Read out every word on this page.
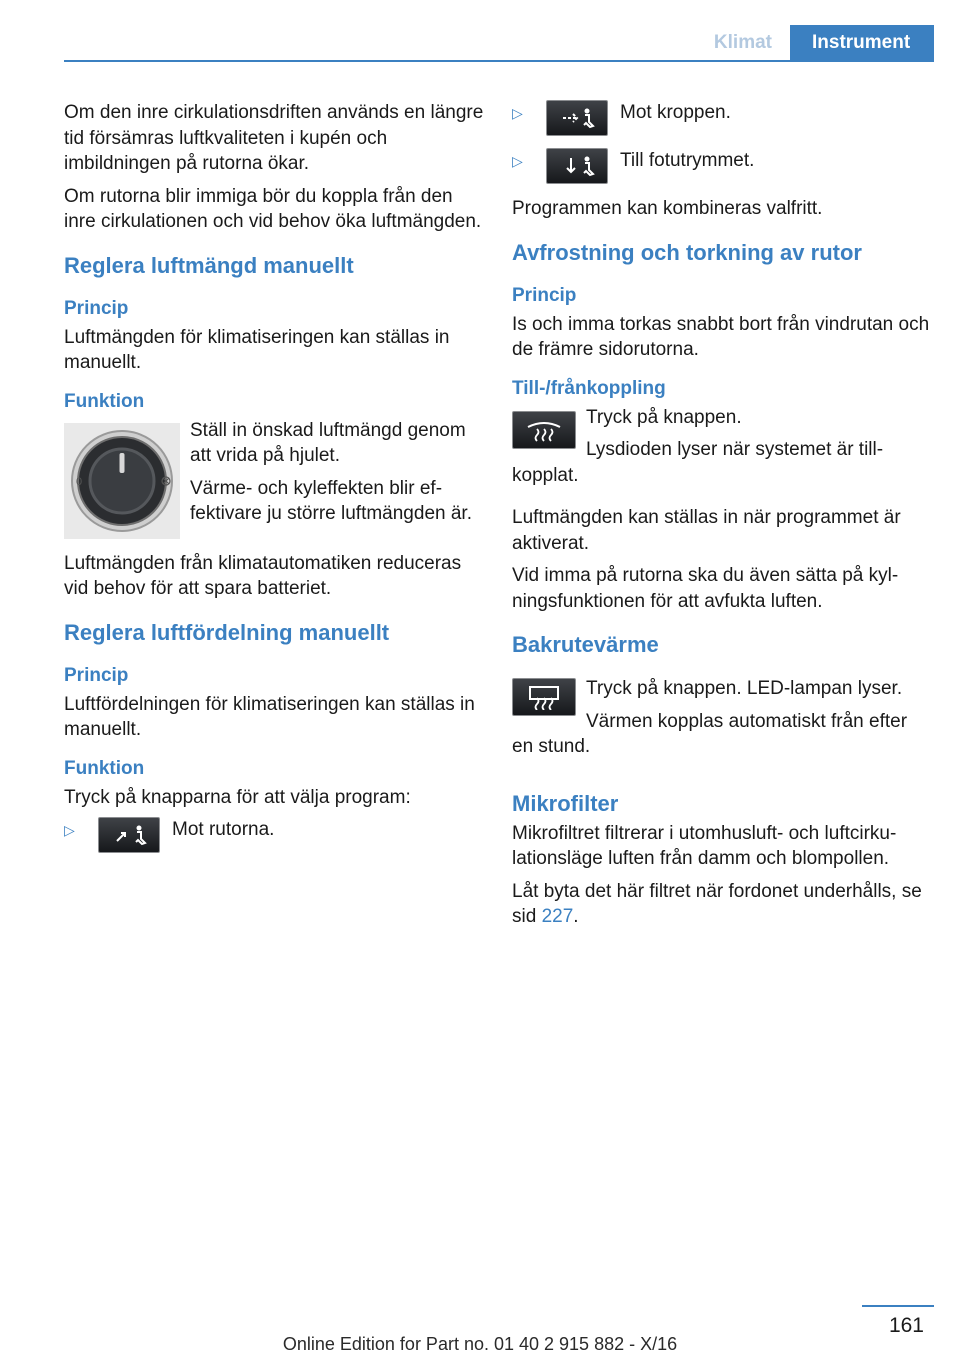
Klimat	Instrument

Om den inre cirkulationsdriften används en längre tid försämras luftkvaliteten i kupén och imbildningen på rutorna ökar.

Om rutorna blir immiga bör du koppla från den inre cirkulationen och vid behov öka luftmängden.

Reglera luftmängd manuellt
Princip

Luftmängden för klimatiseringen kan ställas in manuellt.

Funktion
0

Ställ in önskad luftmängd genom att vrida på hjulet.

Värme- och kyleffekten blir effektivare ju större luftmängden är.

Luftmängden från klimatautomatiken reduceras vid behov för att spara batteriet.

Reglera luftfördelning manuellt
Princip

Luftfördelningen för klimatiseringen kan ställas in manuellt.

Funktion

Tryck på knapparna för att välja program:

▷	Mot rutorna.
▷	Mot kroppen.
▷	Till fotutrymmet.

Programmen kan kombineras valfritt.

Avfrostning och torkning av rutor
Princip

Is och imma torkas snabbt bort från vindrutan och de främre sidorutorna.

Till-/frånkoppling

Tryck på knappen.

Lysdioden lyser när systemet är tillkopplat.

Luftmängden kan ställas in när programmet är aktiverat.

Vid imma på rutorna ska du även sätta på kylningsfunktionen för att avfukta luften.

Bakrutevärme

Tryck på knappen. LED-lampan lyser.

Värmen kopplas automatiskt från efter en stund.

Mikrofilter

Mikrofiltret filtrerar i utomhusluft- och luftcirkulationsläge luften från damm och blompollen.

Låt byta det här filtret när fordonet underhålls, se sid 227.

161
Online Edition for Part no. 01 40 2 915 882 - X/16
